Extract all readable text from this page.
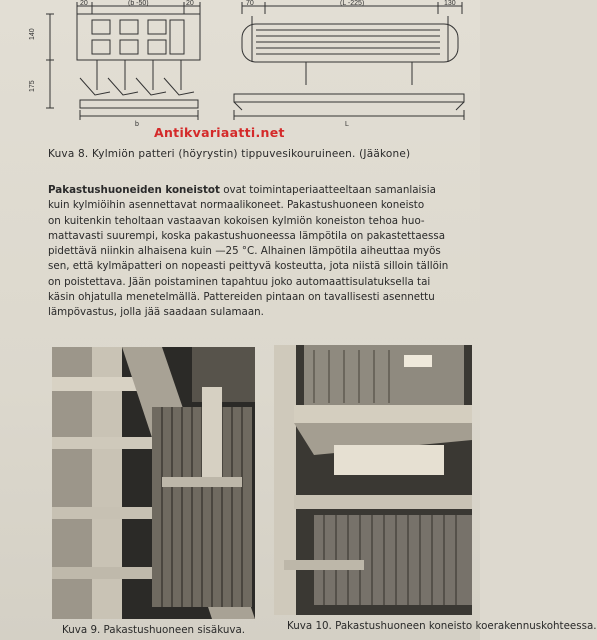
20	(b -50)	20
140
175
b
70	(L -225)	130
L
Antikvariaatti.net
Kuva 8. Kylmiön patteri (höyrystin) tippuvesikouruineen. (Jääkone)
Pakastushuoneiden koneistot ovat toimintaperiaatteeltaan samanlaisia
kuin kylmiöihin asennettavat normaalikoneet. Pakastushuoneen koneisto
on kuitenkin teholtaan vastaavan kokoisen kylmiön koneiston tehoa huo-
mattavasti suurempi, koska pakastushuoneessa lämpötila on pakastettaessa
pidettävä niinkin alhaisena kuin —25 °C. Alhainen lämpötila aiheuttaa myös
sen, että kylmäpatteri on nopeasti peittyvä kosteutta, jota niistä silloin tällöin
on poistettava. Jään poistaminen tapahtuu joko automaattisulatuksella tai
käsin ohjatulla menetelmällä. Pattereiden pintaan on tavallisesti asennettu
lämpövastus, jolla jää saadaan sulamaan.
Kuva 9. Pakastushuoneen sisäkuva.	Kuva 10. Pakastushuoneen koneisto koerakennuskohteessa.
